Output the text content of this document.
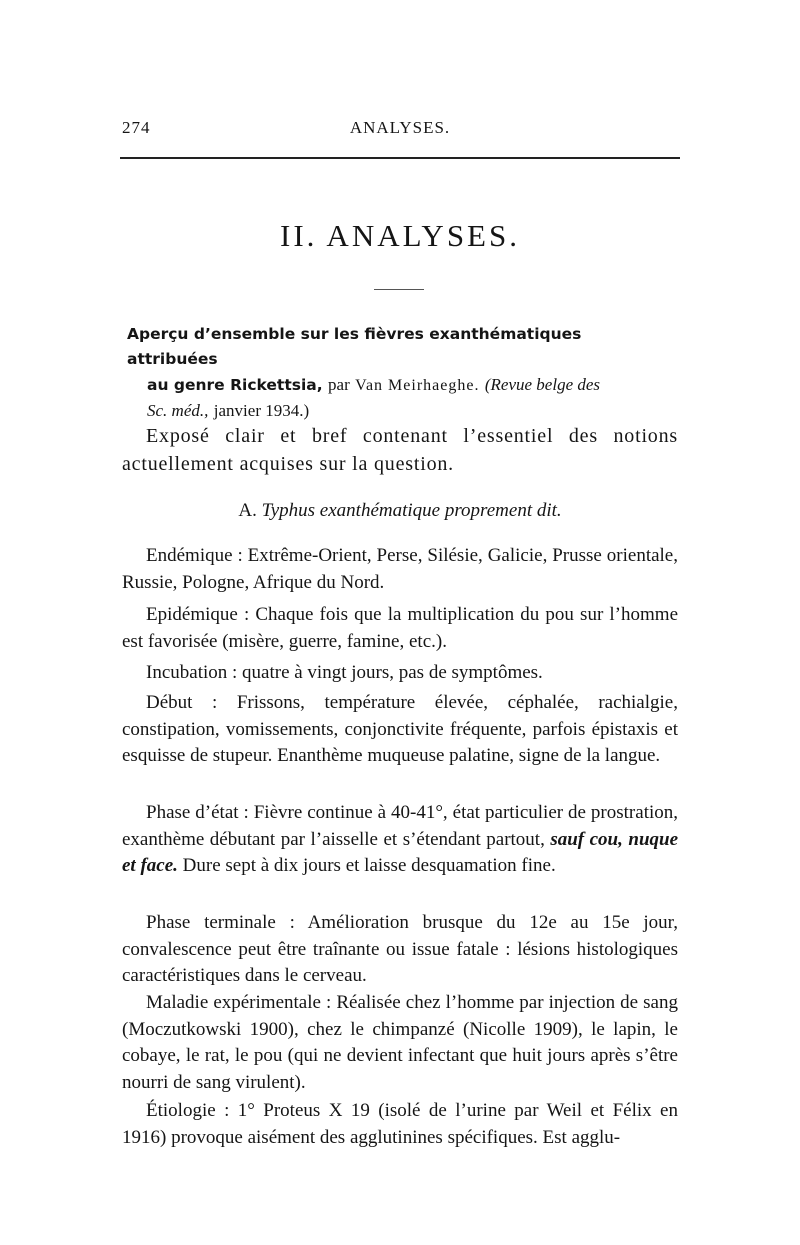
274	ANALYSES.
II. ANALYSES.
Aperçu d’ensemble sur les fièvres exanthématiques attribuées
au genre Rickettsia, par Van Meirhaeghe. (Revue belge des
Sc. méd., janvier 1934.)

Exposé clair et bref contenant l’essentiel des notions actuellement acquises sur la question.

A. Typhus exanthématique proprement dit.

Endémique : Extrême-Orient, Perse, Silésie, Galicie, Prusse orientale, Russie, Pologne, Afrique du Nord.

Epidémique : Chaque fois que la multiplication du pou sur l’homme est favorisée (misère, guerre, famine, etc.).

Incubation : quatre à vingt jours, pas de symptômes.

Début : Frissons, température élevée, céphalée, rachialgie, constipation, vomissements, conjonctivite fréquente, parfois épistaxis et esquisse de stupeur. Enanthème muqueuse palatine, signe de la langue.

Phase d’état : Fièvre continue à 40-41°, état particulier de prostration, exanthème débutant par l’aisselle et s’étendant partout, sauf cou, nuque et face. Dure sept à dix jours et laisse desquamation fine.

Phase terminale : Amélioration brusque du 12e au 15e jour, convalescence peut être traînante ou issue fatale : lésions histologiques caractéristiques dans le cerveau.

Maladie expérimentale : Réalisée chez l’homme par injection de sang (Moczutkowski 1900), chez le chimpanzé (Nicolle 1909), le lapin, le cobaye, le rat, le pou (qui ne devient infectant que huit jours après s’être nourri de sang virulent).

Étiologie : 1° Proteus X 19 (isolé de l’urine par Weil et Félix en 1916) provoque aisément des agglutinines spécifiques. Est agglu-
